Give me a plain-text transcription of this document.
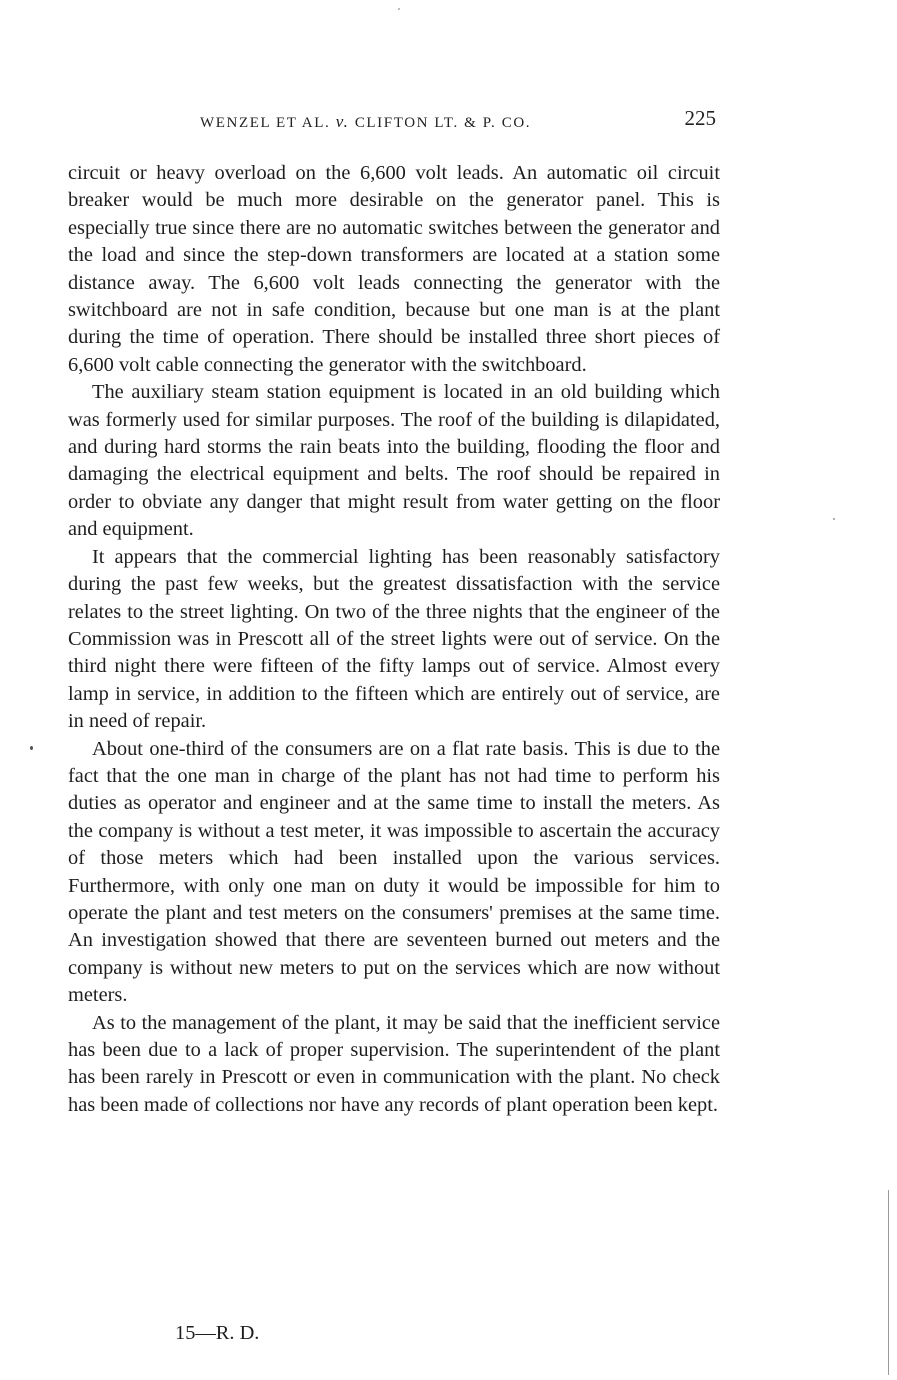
WENZEL ET AL. v. CLIFTON LT. & P. CO.	225

circuit or heavy overload on the 6,600 volt leads. An automatic oil circuit breaker would be much more desirable on the generator panel. This is especially true since there are no automatic switches between the generator and the load and since the step-down transformers are located at a station some distance away. The 6,600 volt leads connecting the generator with the switchboard are not in safe condition, because but one man is at the plant during the time of operation. There should be installed three short pieces of 6,600 volt cable connecting the generator with the switchboard.

The auxiliary steam station equipment is located in an old building which was formerly used for similar purposes. The roof of the building is dilapidated, and during hard storms the rain beats into the building, flooding the floor and damaging the electrical equipment and belts. The roof should be repaired in order to obviate any danger that might result from water getting on the floor and equipment.

It appears that the commercial lighting has been reasonably satisfactory during the past few weeks, but the greatest dissatisfaction with the service relates to the street lighting. On two of the three nights that the engineer of the Commission was in Prescott all of the street lights were out of service. On the third night there were fifteen of the fifty lamps out of service. Almost every lamp in service, in addition to the fifteen which are entirely out of service, are in need of repair.

About one-third of the consumers are on a flat rate basis. This is due to the fact that the one man in charge of the plant has not had time to perform his duties as operator and engineer and at the same time to install the meters. As the company is without a test meter, it was impossible to ascertain the accuracy of those meters which had been installed upon the various services. Furthermore, with only one man on duty it would be impossible for him to operate the plant and test meters on the consumers' premises at the same time. An investigation showed that there are seventeen burned out meters and the company is without new meters to put on the services which are now without meters.

As to the management of the plant, it may be said that the inefficient service has been due to a lack of proper supervision. The superintendent of the plant has been rarely in Prescott or even in communication with the plant. No check has been made of collections nor have any records of plant operation been kept.

15—R. D.
